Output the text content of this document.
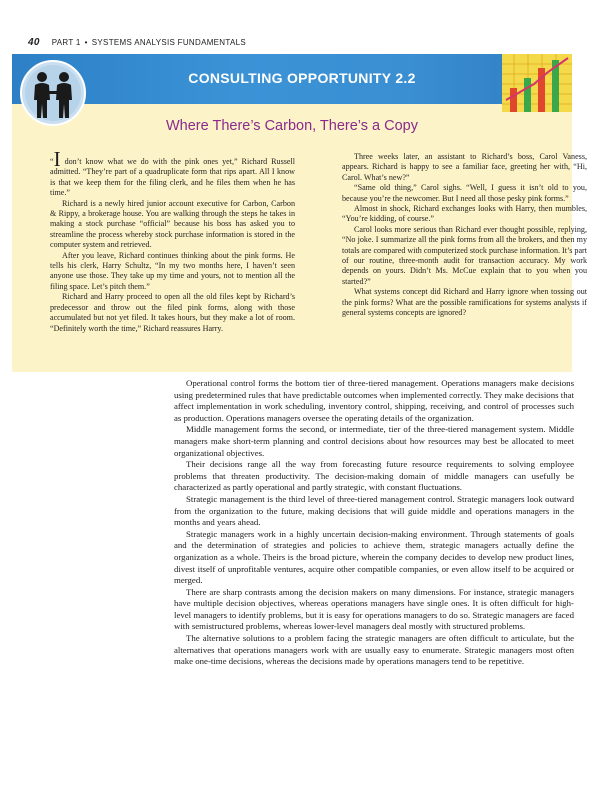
40 PART 1 • SYSTEMS ANALYSIS FUNDAMENTALS
CONSULTING OPPORTUNITY 2.2
Where There’s Carbon, There’s a Copy

“I don’t know what we do with the pink ones yet,” Richard Russell admitted. “They’re part of a quadruplicate form that rips apart. All I know is that we keep them for the filing clerk, and he files them when he has time.”

Richard is a newly hired junior account executive for Carbon, Carbon & Rippy, a brokerage house. You are walking through the steps he takes in making a stock purchase “official” because his boss has asked you to streamline the process whereby stock purchase information is stored in the computer system and retrieved.

After you leave, Richard continues thinking about the pink forms. He tells his clerk, Harry Schultz, “In my two months here, I haven’t seen anyone use those. They take up my time and yours, not to mention all the filing space. Let’s pitch them.”

Richard and Harry proceed to open all the old files kept by Richard’s predecessor and throw out the filed pink forms, along with those accumulated but not yet filed. It takes hours, but they make a lot of room. “Definitely worth the time,” Richard reassures Harry.

Three weeks later, an assistant to Richard’s boss, Carol Vaness, appears. Richard is happy to see a familiar face, greeting her with, “Hi, Carol. What’s new?”

“Same old thing,” Carol sighs. “Well, I guess it isn’t old to you, because you’re the newcomer. But I need all those pesky pink forms.”

Almost in shock, Richard exchanges looks with Harry, then mumbles, “You’re kidding, of course.”

Carol looks more serious than Richard ever thought possible, replying, “No joke. I summarize all the pink forms from all the brokers, and then my totals are compared with computerized stock purchase information. It’s part of our routine, three-month audit for transaction accuracy. My work depends on yours. Didn’t Ms. McCue explain that to you when you started?”

What systems concept did Richard and Harry ignore when tossing out the pink forms? What are the possible ramifications for systems analysts if general systems concepts are ignored?

Operational control forms the bottom tier of three-tiered management. Operations managers make decisions using predetermined rules that have predictable outcomes when implemented correctly. They make decisions that affect implementation in work scheduling, inventory control, shipping, receiving, and control of processes such as production. Operations managers oversee the operating details of the organization.

Middle management forms the second, or intermediate, tier of the three-tiered management system. Middle managers make short-term planning and control decisions about how resources may best be allocated to meet organizational objectives.

Their decisions range all the way from forecasting future resource requirements to solving employee problems that threaten productivity. The decision-making domain of middle managers can usefully be characterized as partly operational and partly strategic, with constant fluctuations.

Strategic management is the third level of three-tiered management control. Strategic managers look outward from the organization to the future, making decisions that will guide middle and operations managers in the months and years ahead.

Strategic managers work in a highly uncertain decision-making environment. Through statements of goals and the determination of strategies and policies to achieve them, strategic managers actually define the organization as a whole. Theirs is the broad picture, wherein the company decides to develop new product lines, divest itself of unprofitable ventures, acquire other compatible companies, or even allow itself to be acquired or merged.

There are sharp contrasts among the decision makers on many dimensions. For instance, strategic managers have multiple decision objectives, whereas operations managers have single ones. It is often difficult for high-level managers to identify problems, but it is easy for operations managers to do so. Strategic managers are faced with semistructured problems, whereas lower-level managers deal mostly with structured problems.

The alternative solutions to a problem facing the strategic managers are often difficult to articulate, but the alternatives that operations managers work with are usually easy to enumerate. Strategic managers most often make one-time decisions, whereas the decisions made by operations managers tend to be repetitive.
